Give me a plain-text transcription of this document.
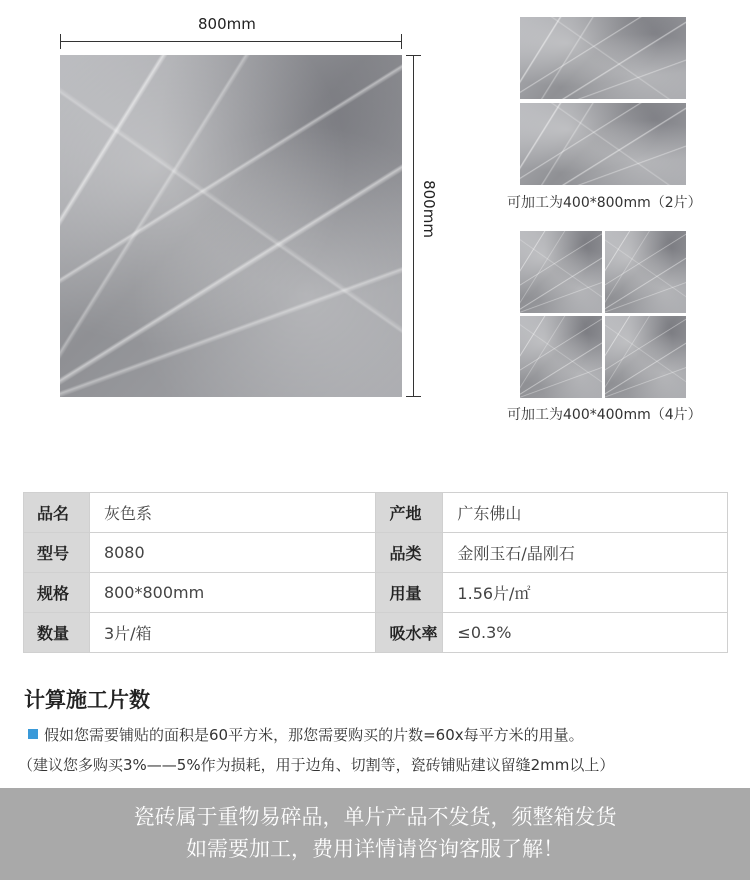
800mm
800mm	可加工为400*800mm（2片）
可加工为400*400mm（4片）
品名	灰色系	产地	广东佛山
型号	8080	品类	金刚玉石/晶刚石
规格	800*800mm	用量	1.56片/㎡
数量	3片/箱	吸水率	≤0.3%
计算施工片数
假如您需要铺贴的面积是60平方米，那您需要购买的片数=60x每平方米的用量。
（建议您多购买3%——5%作为损耗，用于边角、切割等，瓷砖铺贴建议留缝2mm以上）
瓷砖属于重物易碎品，单片产品不发货，须整箱发货
如需要加工，费用详情请咨询客服了解！
